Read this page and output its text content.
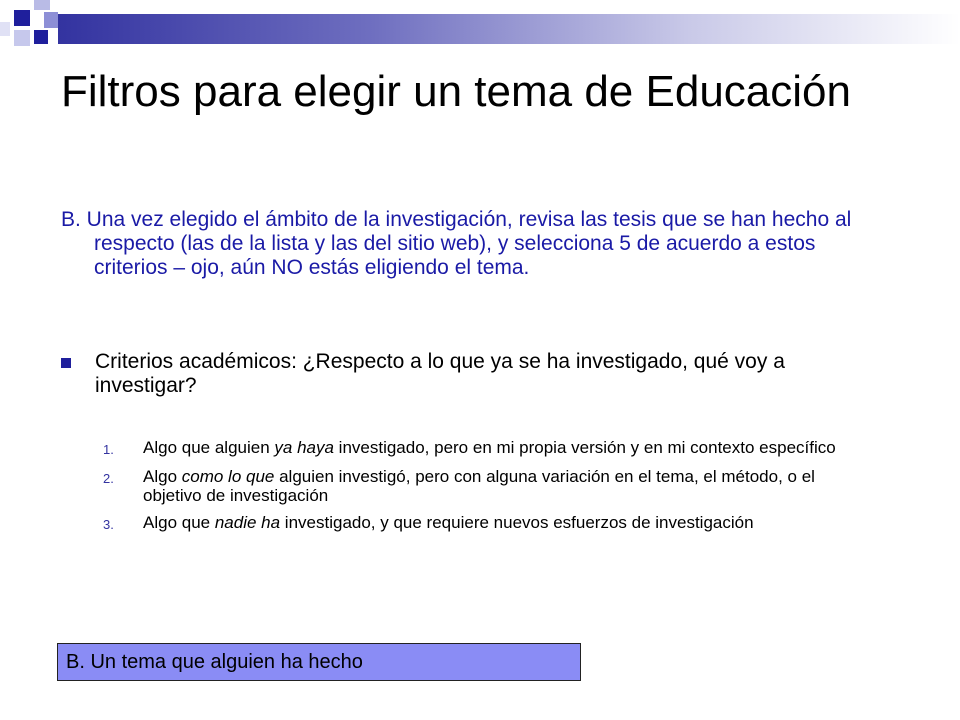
Filtros para elegir un tema de Educación

B. Una vez elegido el ámbito de la investigación, revisa las tesis que se han hecho al respecto (las de la lista y las del sitio web), y selecciona 5 de acuerdo a estos criterios – ojo, aún NO estás eligiendo el tema.

Criterios académicos: ¿Respecto a lo que ya se ha investigado, qué voy a investigar?
1.	Algo que alguien ya haya investigado, pero en mi propia versión y en mi contexto específico
2.	Algo como lo que alguien investigó, pero con alguna variación en el tema, el método, o el objetivo de investigación
3.	Algo que nadie ha investigado, y que requiere nuevos esfuerzos de investigación
B. Un tema que alguien ha hecho
